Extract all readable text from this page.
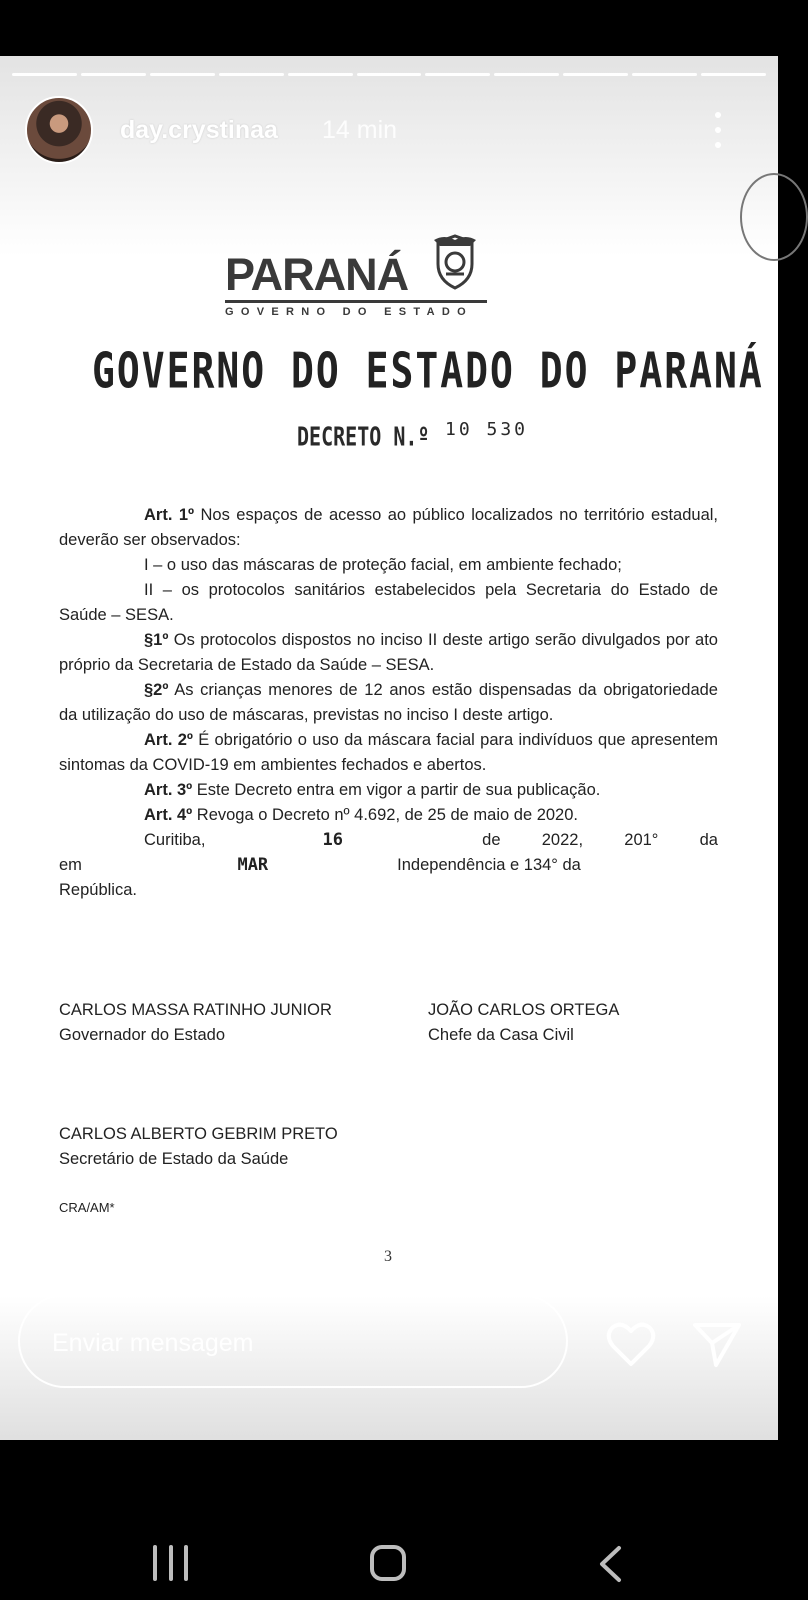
day.crystinaa 14 min
PARANÁ
GOVERNO DO ESTADO
GOVERNO DO ESTADO DO PARANÁ
DECRETO N.º 10 530

Art. 1º Nos espaços de acesso ao público localizados no território estadual, deverão ser observados:

I – o uso das máscaras de proteção facial, em ambiente fechado;

II – os protocolos sanitários estabelecidos pela Secretaria do Estado de Saúde – SESA.

§1º Os protocolos dispostos no inciso II deste artigo serão divulgados por ato próprio da Secretaria de Estado da Saúde – SESA.

§2º As crianças menores de 12 anos estão dispensadas da obrigatoriedade da utilização do uso de máscaras, previstas no inciso I deste artigo.

Art. 2º É obrigatório o uso da máscara facial para indivíduos que apresentem sintomas da COVID-19 em ambientes fechados e abertos.

Art. 3º Este Decreto entra em vigor a partir de sua publicação.

Art. 4º Revoga o Decreto nº 4.692, de 25 de maio de 2020.

Curitiba, em
16 MAR
de 2022, 201° da Independência e 134° da

República.

CARLOS MASSA RATINHO JUNIOR
Governador do Estado
JOÃO CARLOS ORTEGA
Chefe da Casa Civil
CARLOS ALBERTO GEBRIM PRETO
Secretário de Estado da Saúde
CRA/AM*
3
Enviar mensagem
